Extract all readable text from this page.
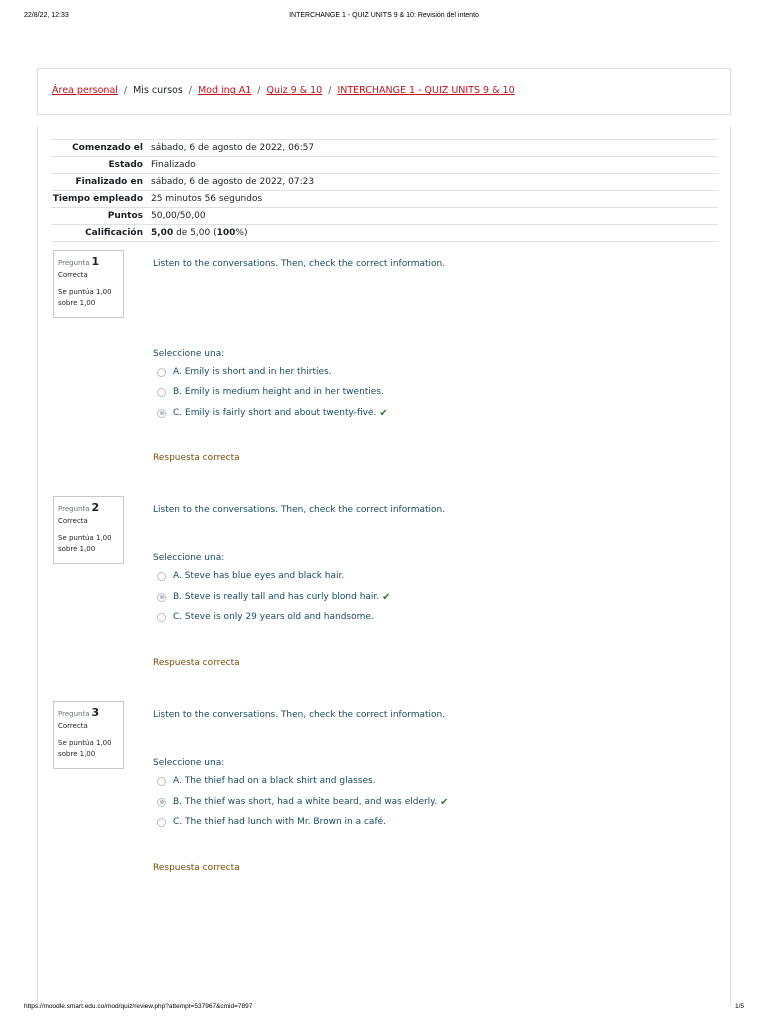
22/8/22, 12:33	INTERCHANGE 1 - QUIZ UNITS 9 & 10: Revisión del intento
Área personal / Mis cursos / Mod ing A1 / Quiz 9 & 10 / INTERCHANGE 1 - QUIZ UNITS 9 & 10
Comenzado el	sábado, 6 de agosto de 2022, 06:57
Estado	Finalizado
Finalizado en	sábado, 6 de agosto de 2022, 07:23
Tiempo empleado	25 minutos 56 segundos
Puntos	50,00/50,00
Calificación	5,00 de 5,00 (100%)
Pregunta 1
Correcta
Se puntúa 1,00
sobre 1,00
Listen to the conversations. Then, check the correct information.
Seleccione una:
A. Emily is short and in her thirties.
B. Emily is medium height and in her twenties.
C. Emily is fairly short and about twenty-five. ✔
Respuesta correcta
Pregunta 2
Correcta
Se puntúa 1,00
sobre 1,00
Listen to the conversations. Then, check the correct information.
Seleccione una:
A. Steve has blue eyes and black hair.
B. Steve is really tall and has curly blond hair. ✔
C. Steve is only 29 years old and handsome.
Respuesta correcta
Pregunta 3
Correcta
Se puntúa 1,00
sobre 1,00
Listen to the conversations. Then, check the correct information.
Seleccione una:
A. The thief had on a black shirt and glasses.
B. The thief was short, had a white beard, and was elderly. ✔
C. The thief had lunch with Mr. Brown in a café.
Respuesta correcta
https://moodle.smart.edu.co/mod/quiz/review.php?attempt=537967&cmid=7897	1/5
